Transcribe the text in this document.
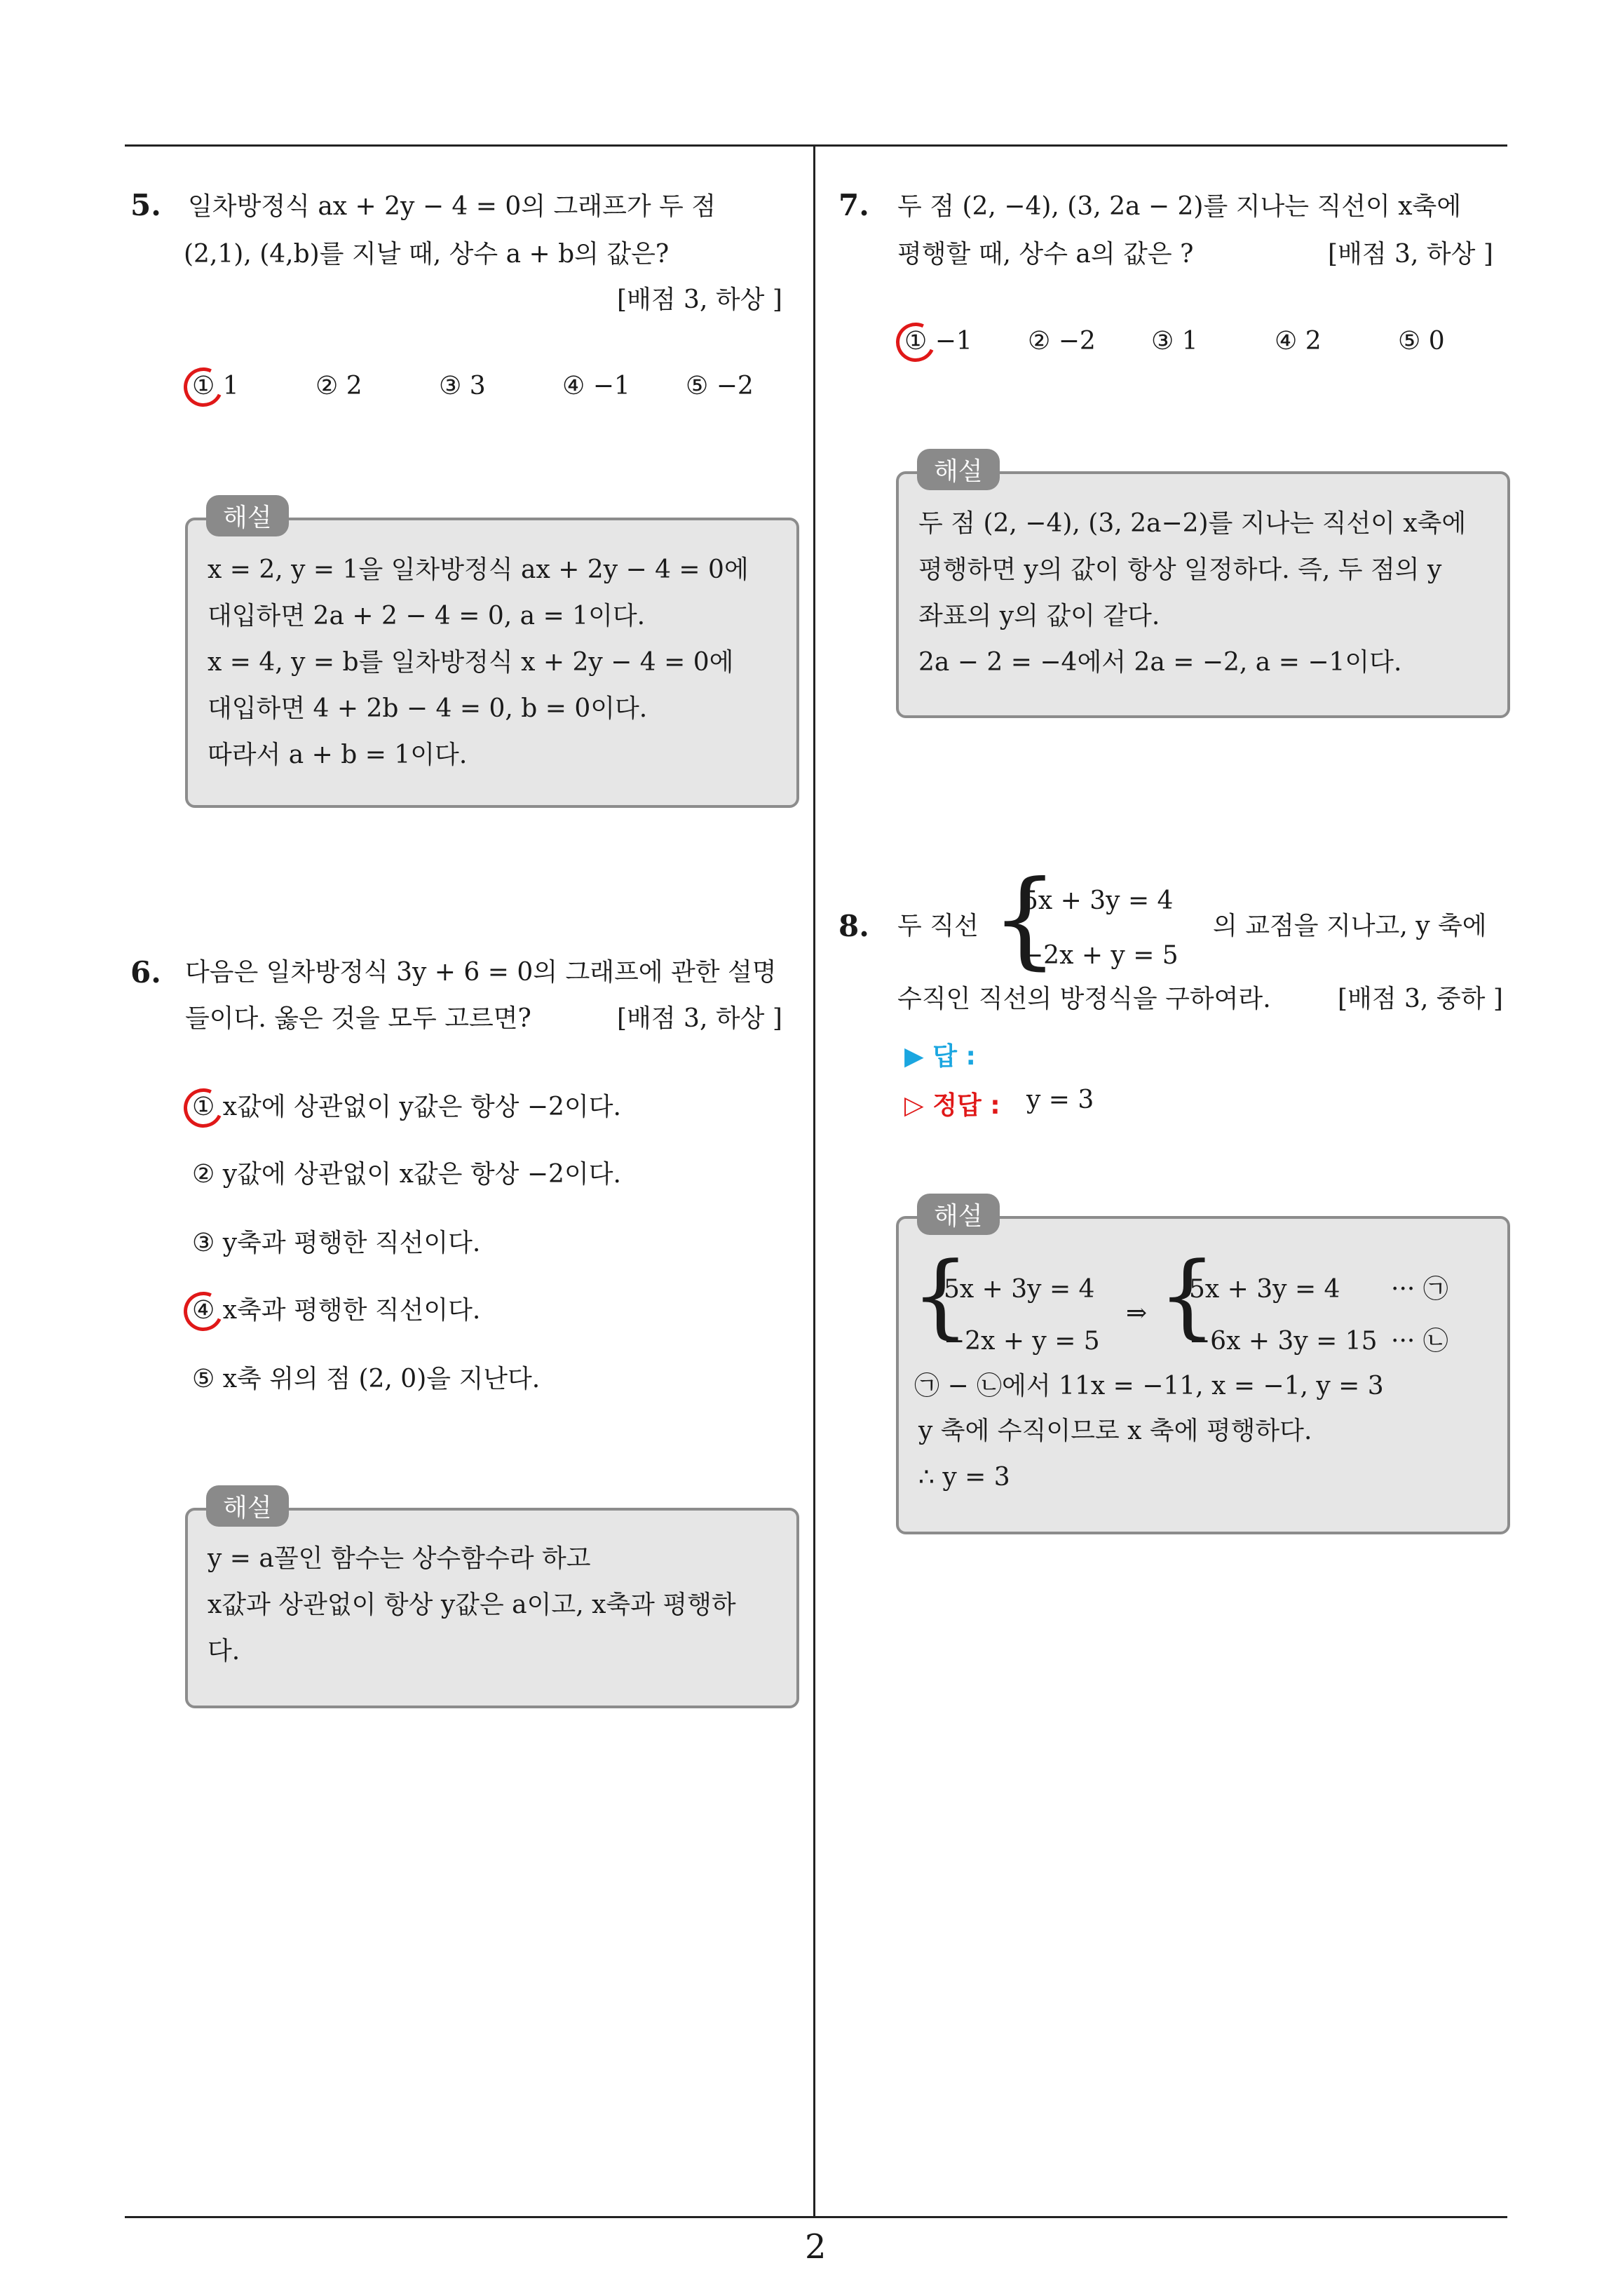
2
5. 일차방정식 ax + 2y − 4 = 0의 그래프가 두 점
(2,1), (4,b)를 지날 때, 상수 a + b의 값은?
[배점 3, 하상 ]
① 1	② 2	③ 3	④ −1 ⑤ −2
해설
x = 2, y = 1을 일차방정식 ax + 2y − 4 = 0에
대입하면 2a + 2 − 4 = 0, a = 1이다.
x = 4, y = b를 일차방정식 x + 2y − 4 = 0에
대입하면 4 + 2b − 4 = 0, b = 0이다.
따라서 a + b = 1이다.
6. 다음은 일차방정식 3y + 6 = 0의 그래프에 관한 설명
들이다. 옳은 것을 모두 고르면?	[배점 3, 하상 ]
① x값에 상관없이 y값은 항상 −2이다.
② y값에 상관없이 x값은 항상 −2이다.
③ y축과 평행한 직선이다.
④ x축과 평행한 직선이다.
⑤ x축 위의 점 (2, 0)을 지난다.
해설
y = a꼴인 함수는 상수함수라 하고
x값과 상관없이 항상 y값은 a이고, x축과 평행하
다.
7. 두 점 (2, −4), (3, 2a − 2)를 지나는 직선이 x축에
평행할 때, 상수 a의 값은 ?	[배점 3, 하상 ]
① −1 ② −2 ③ 1	④ 2	⑤ 0
해설
두 점 (2, −4), (3, 2a−2)를 지나는 직선이 x축에
평행하면 y의 값이 항상 일정하다. 즉, 두 점의 y
좌표의 y의 값이 같다.
2a − 2 = −4에서 2a = −2, a = −1이다.
8. 두 직선 {
5x + 3y = 4
−2x + y = 5
의 교점을 지나고, y 축에
수직인 직선의 방정식을 구하여라.	[배점 3, 중하 ]
▶ 답 :
▷ 정답 : y = 3
해설
{
5x + 3y = 4
−2x + y = 5
⇒ {
5x + 3y = 4
−6x + 3y = 15
··· ㉠
··· ㉡
㉠ − ㉡에서 11x = −11, x = −1, y = 3
y 축에 수직이므로 x 축에 평행하다.
∴ y = 3
